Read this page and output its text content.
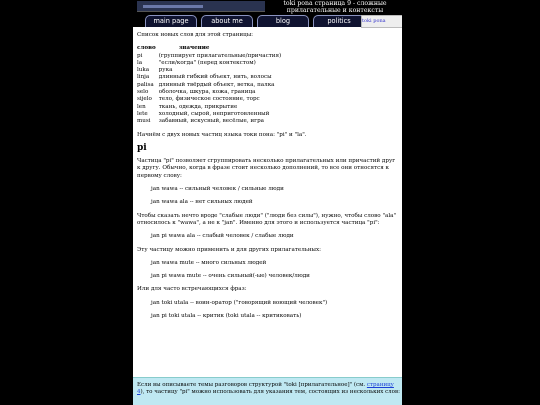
toki pona страница 9 - сложные прилагательные и контексты
main page	about me	blog	politics	toki pona

Список новых слов для этой страницы:

слово	значение
pi	(группирует прилагательные/причастия)
la	"если/когда" (перед контекстом)
luka	рука
linja	длинный гибкий объект, нить, волосы
palisa	длинный твёрдый объект, ветка, палка
selo	оболочка, шкура, кожа, граница
sijelo	тело, физическое состояние, торс
len	ткань, одежда, прикрытие
lete	холодный, сырой, неприготовленный
musi	забавный, искусный, весёлые, игра

Начнём с двух новых частиц языка токи пона: "pi" и "la".

pi

Частица "pi" позволяет сгруппировать несколько прилагательных или причастий друг к другу. Обычно, когда в фразе стоит несколько дополнений, то все они относятся к первому слову:

jan wawa -- сильный человек / сильные люди

jan wawa ala -- нет сильных людей

Чтобы сказать нечто вроде "слабые люди" ("люди без силы"), нужно, чтобы слово "ala" относилось к "wawa", а не к "jan". Именно для этого и используется частица "pi":

jan pi wawa ala -- слабый человек / слабые люди

Эту частицу можно применить и для других прилагательных:

jan wawa mute -- много сильных людей

jan pi wawa mute -- очень сильный(-ые) человек/люди

Или для часто встречающихся фраз:

jan toki utala -- воин-оратор ("говорящий воющий человек")

jan pi toki utala -- критик (toki utala -- критиковать)

Если вы описываете темы разговоров структурой "toki [прилагательное]" (см. страницу 4), то частицу "pi" можно использовать для указания тем, состоящих из нескольких слов:
